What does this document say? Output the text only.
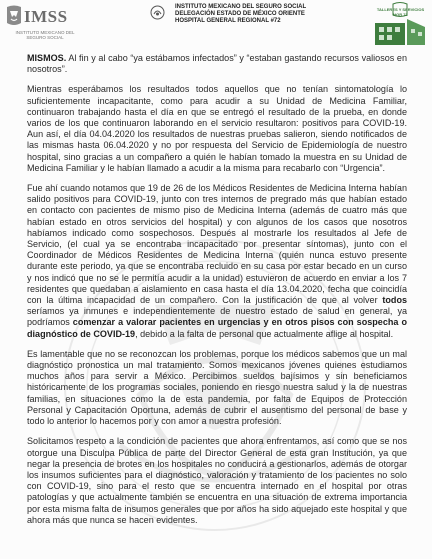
IMSS
INSTITUTO MEXICANO DEL
SEGURO SOCIAL
INSTITUTO MEXICANO DEL SEGURO SOCIAL
DELEGACIÓN ESTADO DE MÉXICO ORIENTE
HOSPITAL GENERAL REGIONAL #72
TALLERES Y SERVICIOS HGR 72

MISMOS. Al fin y al cabo “ya estábamos infectados” y “estaban gastando recursos valiosos en nosotros”.

Mientras esperábamos los resultados todos aquellos que no tenían sintomatología lo suficientemente incapacitante, como para acudir a su Unidad de Medicina Familiar, continuaron trabajando hasta el día en que se entregó el resultado de la prueba, en donde varios de los que continuaron laborando en el servicio resultaron: positivos para COVID-19. Aun así, el día 04.04.2020 los resultados de nuestras pruebas salieron, siendo notificados de las mismas hasta 06.04.2020 y no por respuesta del Servicio de Epidemiología de nuestro hospital, sino gracias a un compañero a quién le habían tomado la muestra en su Unidad de Medicina Familiar y le habían llamado a acudir a la misma para recabarlo con “Urgencia”.

Fue ahí cuando notamos que 19 de 26 de los Médicos Residentes de Medicina Interna habían salido positivos para COVID-19, junto con tres internos de pregrado más que habían estado en contacto con pacientes de mismo piso de Medicina Interna (además de cuatro más que habían estado en otros servicios del hospital) y con algunos de los casos que nosotros habíamos indicado como sospechosos. Después al mostrarle los resultados al Jefe de Servicio, (el cual ya se encontraba incapacitado por presentar síntomas), junto con el Coordinador de Médicos Residentes de Medicina Interna (quién nunca estuvo presente durante este periodo, ya que se encontraba recluido en su casa por estar becado en un curso y nos indicó que no se le permitía acudir a la unidad) estuvieron de acuerdo en enviar a los 7 residentes que quedaban a aislamiento en casa hasta el día 13.04.2020, fecha que coincidía con la última incapacidad de un compañero. Con la justificación de que al volver todos seríamos ya inmunes e independientemente de nuestro estado de salud en general, ya podríamos comenzar a valorar pacientes en urgencias y en otros pisos con sospecha o diagnóstico de COVID-19, debido a la falta de personal que actualmente aflige al hospital.

Es lamentable que no se reconozcan los problemas, porque los médicos sabemos que un mal diagnóstico pronostica un mal tratamiento. Somos mexicanos jóvenes quienes estudiamos muchos años para servir a México. Percibimos sueldos bajísimos y sin beneficiamos históricamente de los programas sociales, poniendo en riesgo nuestra salud y la de nuestras familias, en situaciones como la de esta pandemia, por falta de Equipos de Protección Personal y Capacitación Oportuna, además de cubrir el ausentismo del personal de base y todo lo anterior lo hacemos por y con amor a nuestra profesión.

Solicitamos respeto a la condición de pacientes que ahora enfrentamos, así como que se nos otorgue una Disculpa Pública de parte del Director General de esta gran Institución, ya que negar la presencia de brotes en los hospitales no conducirá a gestionarlos, además de otorgar los insumos suficientes para el diagnóstico, valoración y tratamiento de los pacientes no solo con COVID-19, sino para el resto que se encuentra internado en el hospital por otras patologías y que actualmente también se encuentra en una situación de extrema importancia por esta misma falta de insumos generales que por años ha sido aquejado este hospital y que ahora más que nunca se hacen evidentes.
